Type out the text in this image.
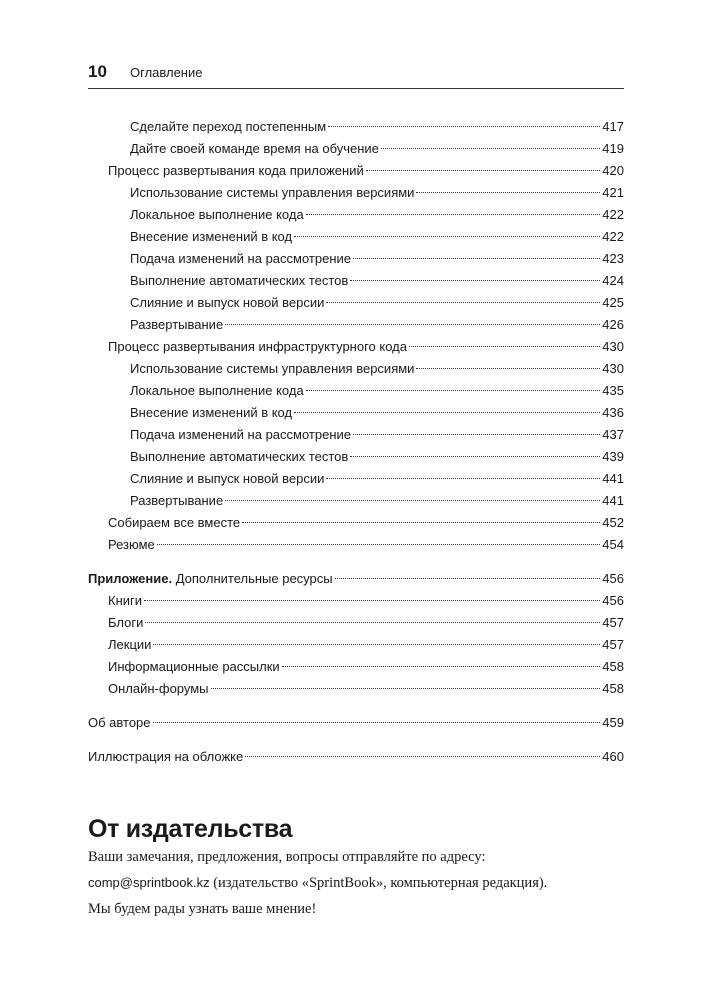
10 Оглавление
Сделайте переход постепенным	417
Дайте своей команде время на обучение	419
Процесс развертывания кода приложений	420
Использование системы управления версиями	421
Локальное выполнение кода	422
Внесение изменений в код	422
Подача изменений на рассмотрение	423
Выполнение автоматических тестов	424
Слияние и выпуск новой версии	425
Развертывание	426
Процесс развертывания инфраструктурного кода	430
Использование системы управления версиями	430
Локальное выполнение кода	435
Внесение изменений в код	436
Подача изменений на рассмотрение	437
Выполнение автоматических тестов	439
Слияние и выпуск новой версии	441
Развертывание	441
Собираем все вместе	452
Резюме	454
Приложение. Дополнительные ресурсы	456
Книги	456
Блоги	457
Лекции	457
Информационные рассылки	458
Онлайн-форумы	458
Об авторе	459
Иллюстрация на обложке	460
От издательства

Ваши замечания, предложения, вопросы отправляйте по адресу:

comp@sprintbook.kz (издательство «SprintBook», компьютерная редакция).

Мы будем рады узнать ваше мнение!
